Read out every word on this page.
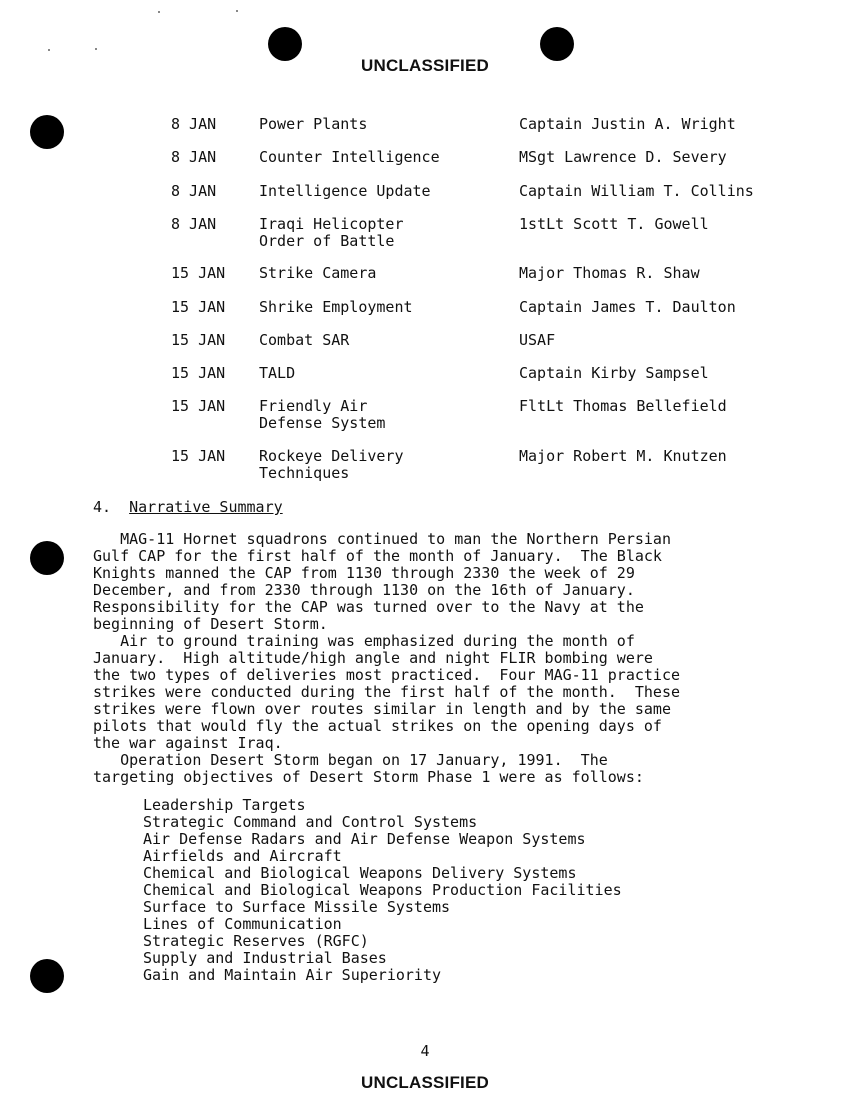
UNCLASSIFIED
8 JAN	Power Plants	Captain Justin A. Wright
8 JAN	Counter Intelligence	MSgt Lawrence D. Severy
8 JAN	Intelligence Update	Captain William T. Collins
8 JAN	Iraqi Helicopter	1stLt Scott T. Gowell
Order of Battle
15 JAN Strike Camera	Major Thomas R. Shaw
15 JAN Shrike Employment	Captain James T. Daulton
15 JAN Combat SAR	USAF
15 JAN TALD	Captain Kirby Sampsel
15 JAN Friendly Air	FltLt Thomas Bellefield
Defense System
15 JAN Rockeye Delivery	Major Robert M. Knutzen
Techniques
4. Narrative Summary
MAG-11 Hornet squadrons continued to man the Northern Persian
Gulf CAP for the first half of the month of January.  The Black
Knights manned the CAP from 1130 through 2330 the week of 29
December, and from 2330 through 1130 on the 16th of January.
Responsibility for the CAP was turned over to the Navy at the
beginning of Desert Storm.
Air to ground training was emphasized during the month of
January.  High altitude/high angle and night FLIR bombing were
the two types of deliveries most practiced.  Four MAG-11 practice
strikes were conducted during the first half of the month.  These
strikes were flown over routes similar in length and by the same
pilots that would fly the actual strikes on the opening days of
the war against Iraq.
Operation Desert Storm began on 17 January, 1991.  The
targeting objectives of Desert Storm Phase 1 were as follows:
Leadership Targets
Strategic Command and Control Systems
Air Defense Radars and Air Defense Weapon Systems
Airfields and Aircraft
Chemical and Biological Weapons Delivery Systems
Chemical and Biological Weapons Production Facilities
Surface to Surface Missile Systems
Lines of Communication
Strategic Reserves (RGFC)
Supply and Industrial Bases
Gain and Maintain Air Superiority
4
UNCLASSIFIED
